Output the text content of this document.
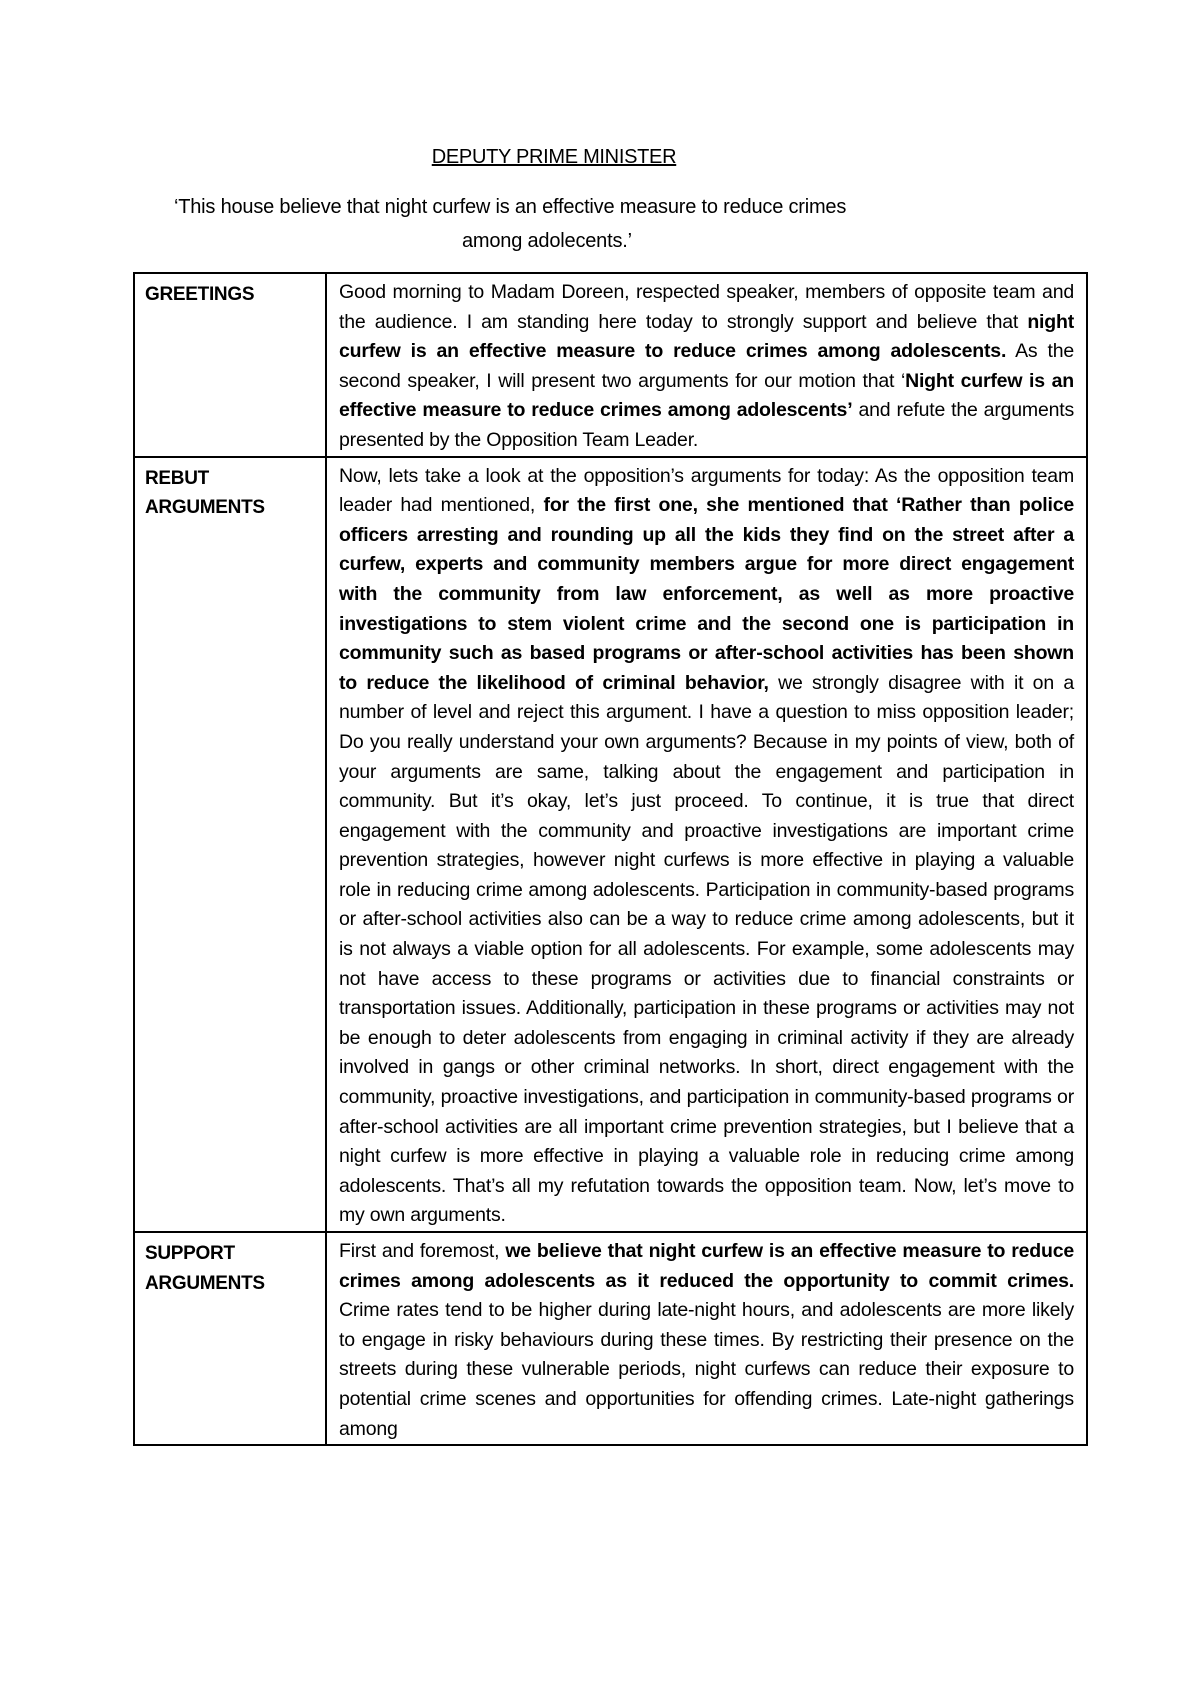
DEPUTY PRIME MINISTER
‘This house believe that night curfew is an effective measure to reduce crimes
among adolecents.’
GREETINGS	Good morning to Madam Doreen, respected speaker, members of opposite team and the audience. I am standing here today to strongly support and believe that night curfew is an effective measure to reduce crimes among adolescents. As the second speaker, I will present two arguments for our motion that ‘Night curfew is an effective measure to reduce crimes among adolescents’ and refute the arguments presented by the Opposition Team Leader.

REBUT
ARGUMENTS	Now, lets take a look at the opposition’s arguments for today: As the opposition team leader had mentioned, for the first one, she mentioned that ‘Rather than police officers arresting and rounding up all the kids they find on the street after a curfew, experts and community members argue for more direct engagement with the community from law enforcement, as well as more proactive investigations to stem violent crime and the second one is participation in community such as based programs or after-school activities has been shown to reduce the likelihood of criminal behavior, we strongly disagree with it on a number of level and reject this argument. I have a question to miss opposition leader; Do you really understand your own arguments? Because in my points of view, both of your arguments are same, talking about the engagement and participation in community. But it’s okay, let’s just proceed. To continue, it is true that direct engagement with the community and proactive investigations are important crime prevention strategies, however night curfews is more effective in playing a valuable role in reducing crime among adolescents. Participation in community-based programs or after-school activities also can be a way to reduce crime among adolescents, but it is not always a viable option for all adolescents. For example, some adolescents may not have access to these programs or activities due to financial constraints or transportation issues. Additionally, participation in these programs or activities may not be enough to deter adolescents from engaging in criminal activity if they are already involved in gangs or other criminal networks. In short, direct engagement with the community, proactive investigations, and participation in community-based programs or after-school activities are all important crime prevention strategies, but I believe that a night curfew is more effective in playing a valuable role in reducing crime among adolescents. That’s all my refutation towards the opposition team. Now, let’s move to my own arguments.

SUPPORT
ARGUMENTS	First and foremost, we believe that night curfew is an effective measure to reduce crimes among adolescents as it reduced the opportunity to commit crimes. Crime rates tend to be higher during late-night hours, and adolescents are more likely to engage in risky behaviours during these times. By restricting their presence on the streets during these vulnerable periods, night curfews can reduce their exposure to potential crime scenes and opportunities for offending crimes. Late-night gatherings among
